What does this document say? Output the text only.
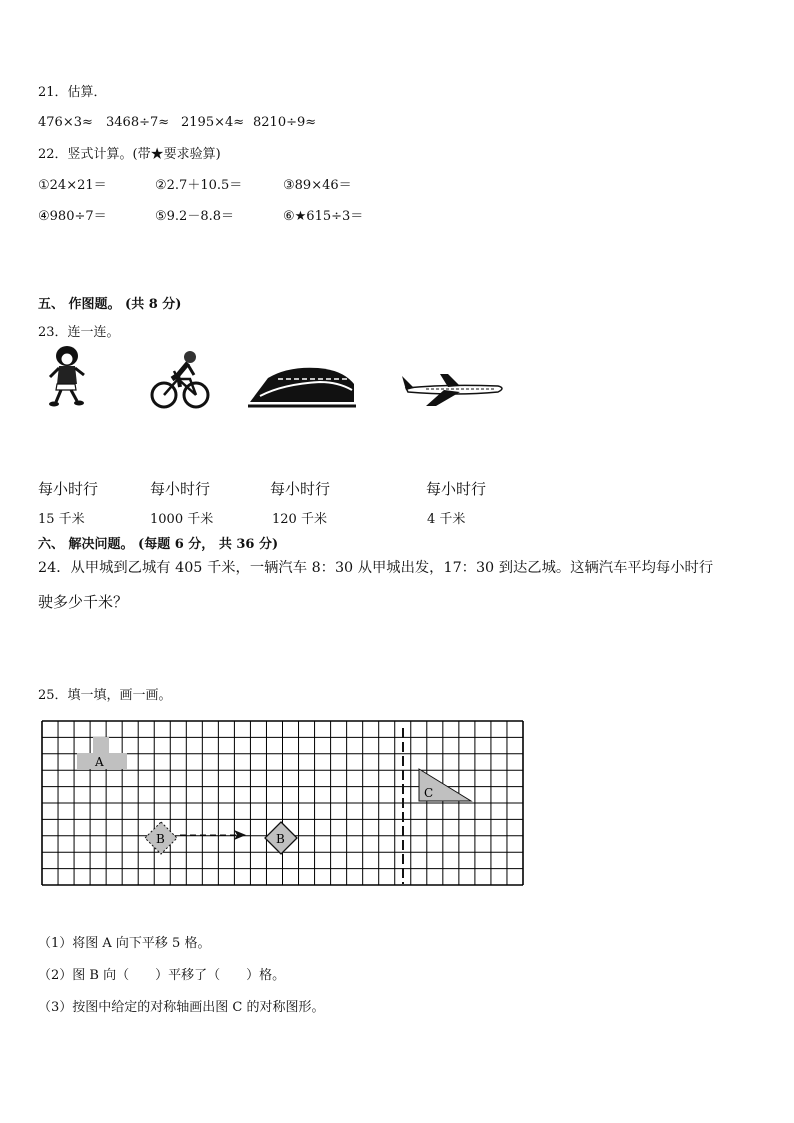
21．估算．
476×3≈ 3468÷7≈ 2195×4≈ 8210÷9≈
22．竖式计算。(带★要求验算)
①24×21＝	②2.7＋10.5＝	③89×46＝
④980÷7＝	⑤9.2－8.8＝	⑥★615÷3＝
五、 作图题。 (共 8 分)
23．连一连。
每小时行	每小时行	每小时行	每小时行
15 千米	1000 千米	120 千米	4 千米
六、 解决问题。 (每题 6 分， 共 36 分)
24．从甲城到乙城有 405 千米，一辆汽车 8：30 从甲城出发，17：30 到达乙城。这辆汽车平均每小时行
驶多少千米？
25．填一填，画一画。
A
C
B	B
（1）将图 A 向下平移 5 格。
（2）图 B 向（　　）平移了（　　）格。
（3）按图中给定的对称轴画出图 C 的对称图形。
